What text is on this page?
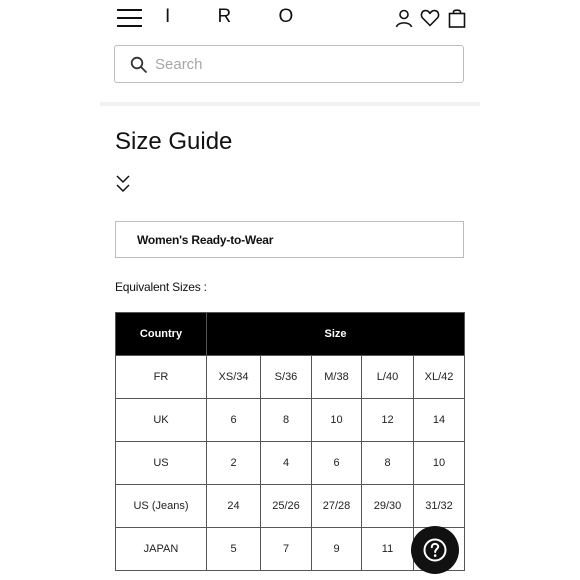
I R O
Search
Size Guide
Women's Ready-to-Wear
Equivalent Sizes :
Country	Size				
FR	XS/34	S/36	M/38	L/40	XL/42
UK	6	8	10	12	14
US	2	4	6	8	10
US (Jeans)	24	25/26	27/28	29/30	31/32
JAPAN	5	7	9	11	
